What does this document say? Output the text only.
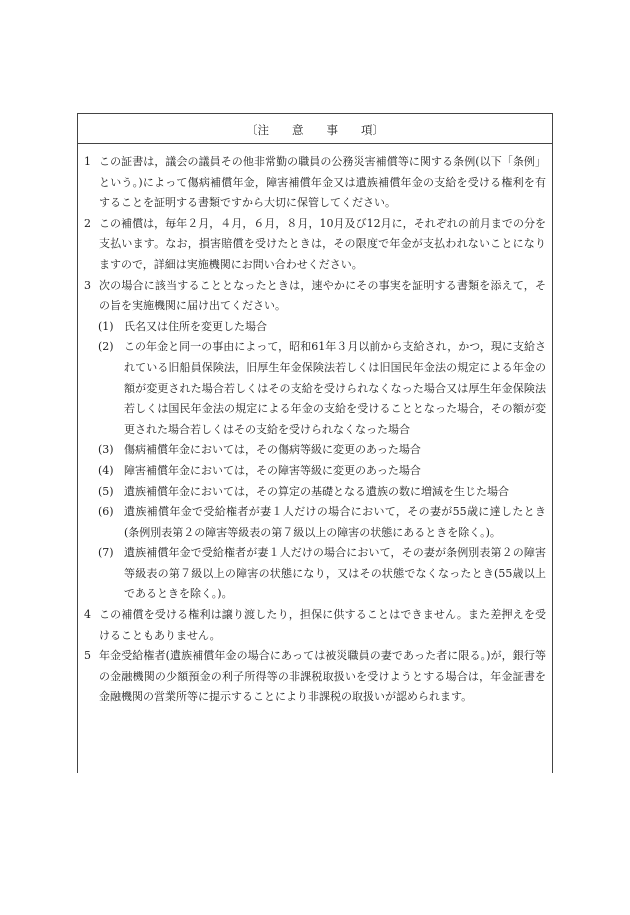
〔注　　意　　事　　項〕
1 この証書は，議会の議員その他非常勤の職員の公務災害補償等に関する条例(以下「条例」という。)によって傷病補償年金，障害補償年金又は遺族補償年金の支給を受ける権利を有することを証明する書類ですから大切に保管してください。
2 この補償は，毎年２月，４月，６月，８月，10月及び12月に，それぞれの前月までの分を支払います。なお，損害賠償を受けたときは，その限度で年金が支払われないことになりますので，詳細は実施機関にお問い合わせください。
3 次の場合に該当することとなったときは，速やかにその事実を証明する書類を添えて，その旨を実施機関に届け出てください。
(1) 氏名又は住所を変更した場合
(2) この年金と同一の事由によって，昭和61年３月以前から支給され，かつ，現に支給されている旧船員保険法，旧厚生年金保険法若しくは旧国民年金法の規定による年金の額が変更された場合若しくはその支給を受けられなくなった場合又は厚生年金保険法若しくは国民年金法の規定による年金の支給を受けることとなった場合，その額が変更された場合若しくはその支給を受けられなくなった場合
(3) 傷病補償年金においては，その傷病等級に変更のあった場合
(4) 障害補償年金においては，その障害等級に変更のあった場合
(5) 遺族補償年金においては，その算定の基礎となる遺族の数に増減を生じた場合
(6) 遺族補償年金で受給権者が妻１人だけの場合において，その妻が55歳に達したとき(条例別表第２の障害等級表の第７級以上の障害の状態にあるときを除く。)。
(7) 遺族補償年金で受給権者が妻１人だけの場合において，その妻が条例別表第２の障害等級表の第７級以上の障害の状態になり，又はその状態でなくなったとき(55歳以上であるときを除く。)。
4 この補償を受ける権利は譲り渡したり，担保に供することはできません。また差押えを受けることもありません。
5 年金受給権者(遺族補償年金の場合にあっては被災職員の妻であった者に限る。)が，銀行等の金融機関の少額預金の利子所得等の非課税取扱いを受けようとする場合は，年金証書を金融機関の営業所等に提示することにより非課税の取扱いが認められます。
